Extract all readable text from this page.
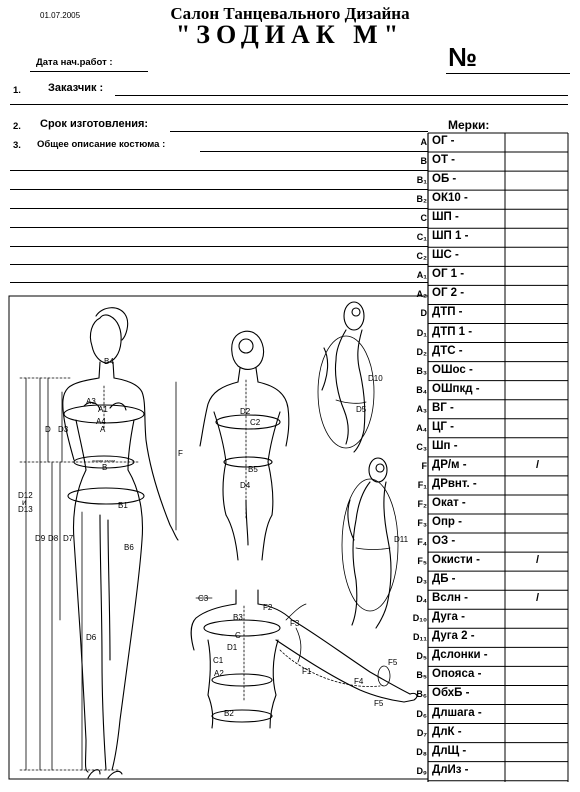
01.07.2005	Салон Танцевального Дизайна
"ЗОДИАК М"
№
Дата нач.работ :
1. Заказчик :
2. Срок изготовления:
3. Общее описание костюма :
Мерки:
A ОГ -
B ОТ -
B₁ ОБ -
B₂ ОК10 -
C ШП -
C₁ ШП 1 -
C₂ ШС -
A₁ ОГ 1 -
A₂ ОГ 2 -
D ДТП -
D₁ ДТП 1 -
D₂ ДТС -
B₃ ОШос -
B₄ ОШпкд -
A₃ ВГ -
A₄ ЦГ -
C₃ Шп -
F ДР/м -	/
F₁ ДРвнт. -
F₂ Окат -
F₃ Опр -
F₄ ОЗ -
F₅ Окисти -	/
D₃ ДБ -
D₄ Вслн -	/
D₁₀ Дуга -
D₁₁ Дуга 2 -
D₅ Дслонки -
B₅ Опояса -
B₆ ОбхБ -
D₆ Длшага -
D₇ ДлК -
D₈ ДлЩ -
D₉ ДлИз -
B4
A3
A1
A4
A
D D3
B
B1
B6
F
D12
и
D13
D9 D8 D7
D6
D2
C2
B5
D4
D10
D5
D11
C3
B3
F2
F3
C
D1
C1
A2
B2
F1
F4
F5
F5
линия талии
